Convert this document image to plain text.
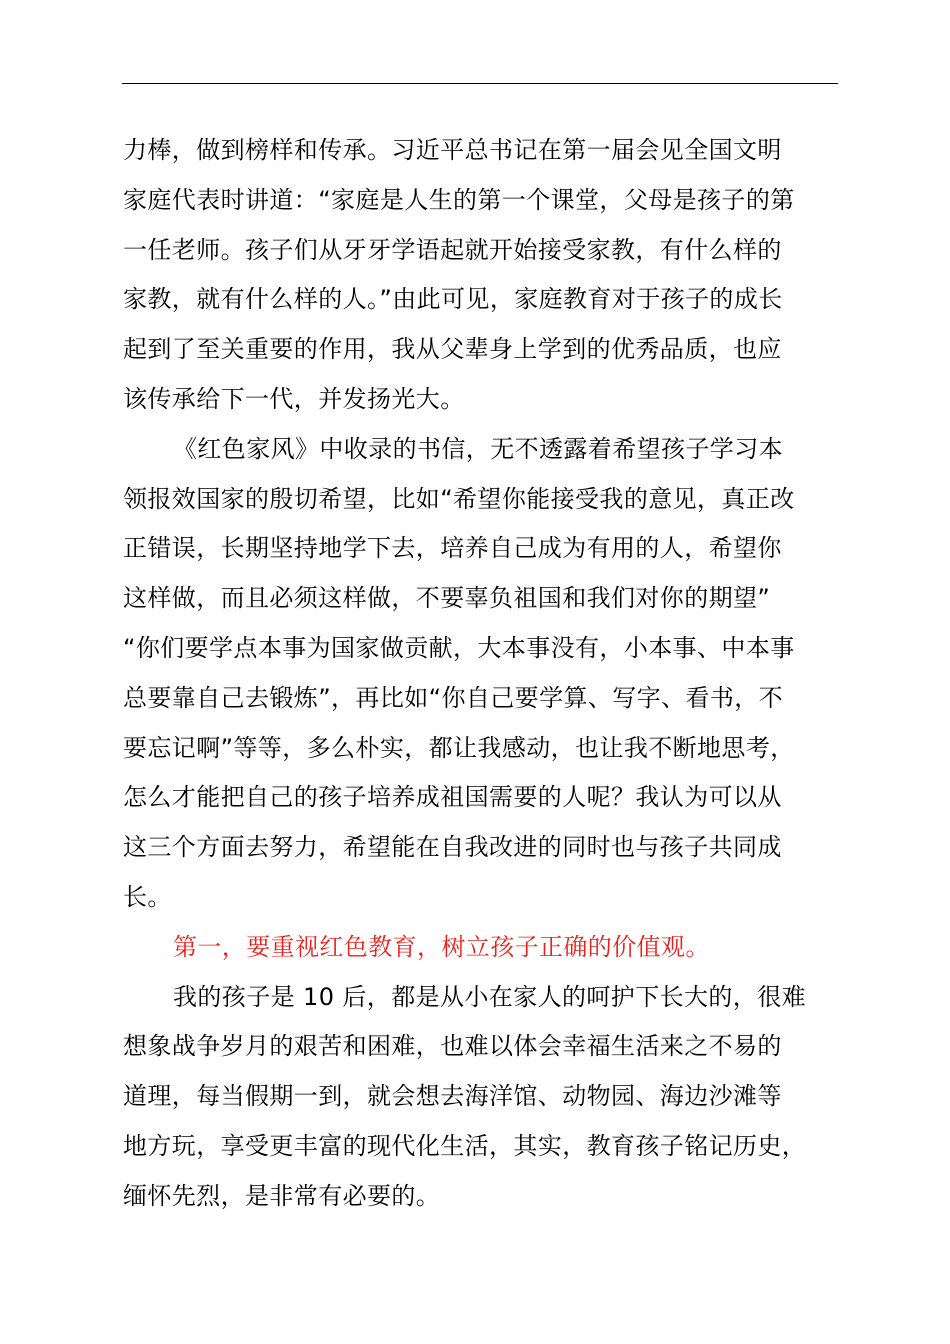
力棒，做到榜样和传承。习近平总书记在第一届会见全国文明
家庭代表时讲道：“家庭是人生的第一个课堂，父母是孩子的第
一任老师。孩子们从牙牙学语起就开始接受家教，有什么样的
家教，就有什么样的人。”由此可见，家庭教育对于孩子的成长
起到了至关重要的作用，我从父辈身上学到的优秀品质，也应
该传承给下一代，并发扬光大。
《红色家风》中收录的书信，无不透露着希望孩子学习本
领报效国家的殷切希望，比如“希望你能接受我的意见，真正改
正错误，长期坚持地学下去，培养自己成为有用的人，希望你
这样做，而且必须这样做，不要辜负祖国和我们对你的期望”
“你们要学点本事为国家做贡献，大本事没有，小本事、中本事
总要靠自己去锻炼”，再比如“你自己要学算、写字、看书，不
要忘记啊”等等，多么朴实，都让我感动，也让我不断地思考，
怎么才能把自己的孩子培养成祖国需要的人呢？我认为可以从
这三个方面去努力，希望能在自我改进的同时也与孩子共同成
长。
第一，要重视红色教育，树立孩子正确的价值观。
我的孩子是 10 后，都是从小在家人的呵护下长大的，很难
想象战争岁月的艰苦和困难，也难以体会幸福生活来之不易的
道理，每当假期一到，就会想去海洋馆、动物园、海边沙滩等
地方玩，享受更丰富的现代化生活，其实，教育孩子铭记历史，
缅怀先烈，是非常有必要的。
